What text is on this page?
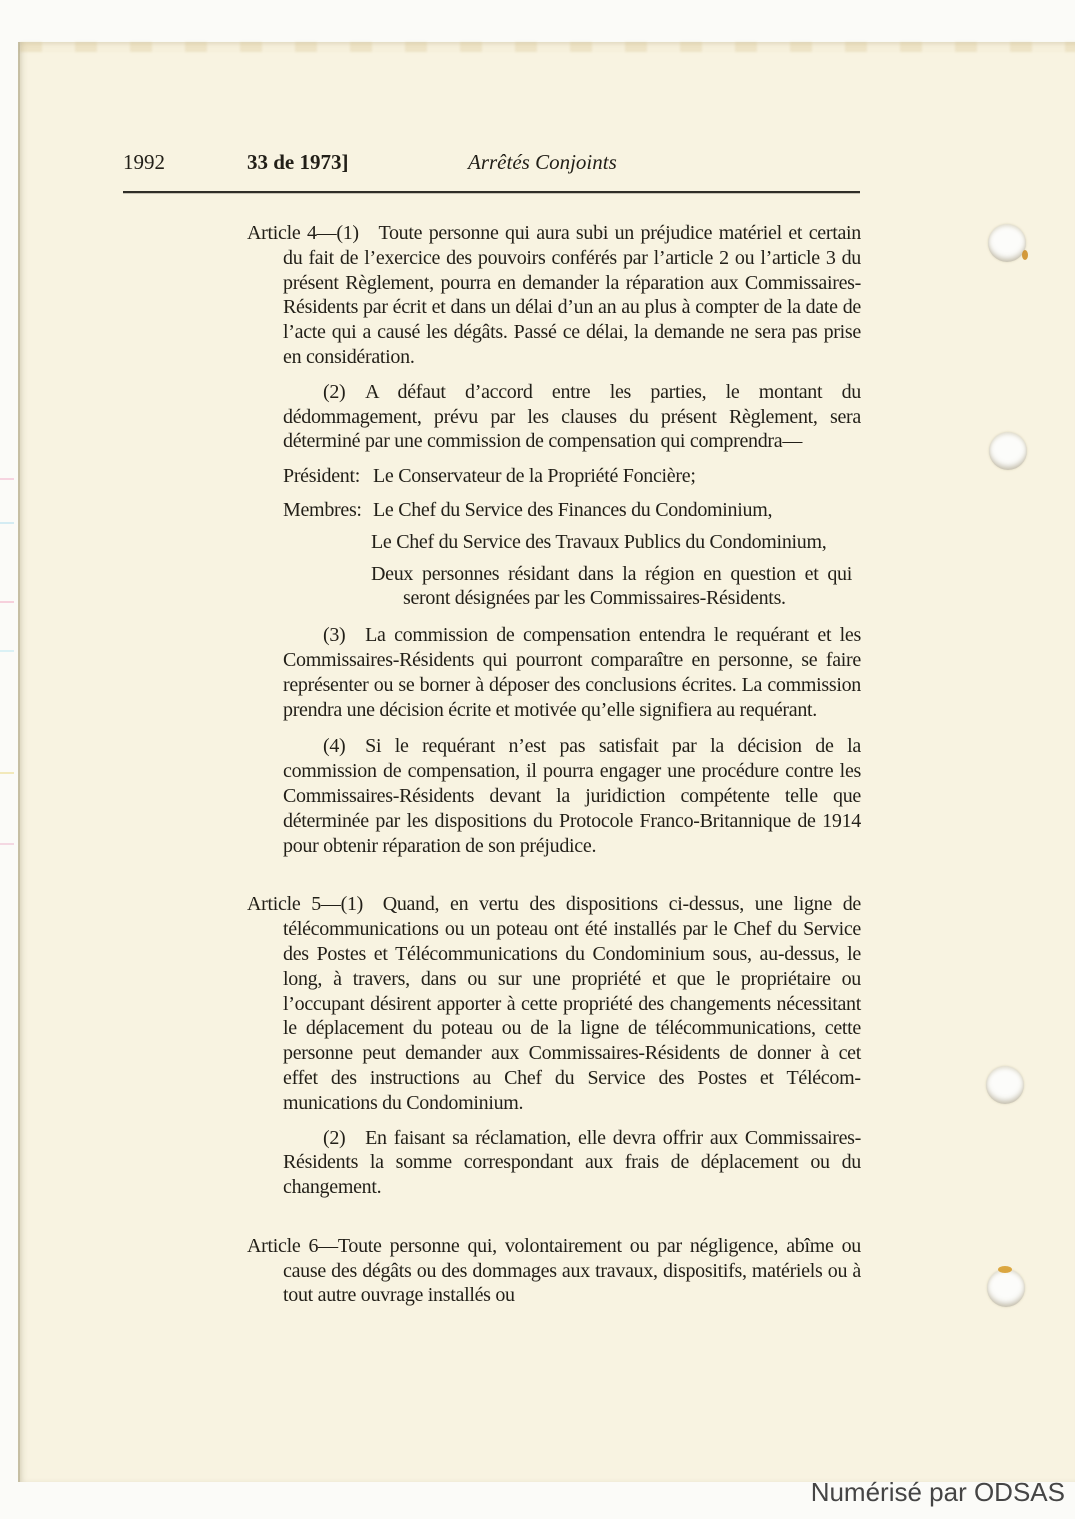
1992	33 de 1973]	Arrêtés Conjoints
Article 4—(1) Toute personne qui aura subi un préjudice matériel et certain du fait de l’exercice des pouvoirs conférés par l’article 2 ou l’article 3 du présent Règlement, pourra en demander la réparation aux Commissaires-Résidents par écrit et dans un délai d’un an au plus à compter de la date de l’acte qui a causé les dégâts. Passé ce délai, la demande ne sera pas prise en considération.
(2) A défaut d’accord entre les parties, le montant du dédommagement, prévu par les clauses du présent Règlement, sera déterminé par une commission de compensation qui comprendra—
Président: Le Conservateur de la Propriété Foncière;
Membres: Le Chef du Service des Finances du Condominium,
Le Chef du Service des Travaux Publics du Condominium,
Deux personnes résidant dans la région en question et qui seront désignées par les Commissaires-Résidents.
(3) La commission de compensation entendra le requérant et les Commissaires-Résidents qui pourront comparaître en personne, se faire représenter ou se borner à déposer des conclusions écrites. La commission prendra une décision écrite et motivée qu’elle signifiera au requérant.
(4) Si le requérant n’est pas satisfait par la décision de la commission de compensation, il pourra engager une procédure contre les Commissaires-Résidents devant la juridiction compétente telle que déterminée par les dispositions du Protocole Franco-Britannique de 1914 pour obtenir réparation de son préjudice.
Article 5—(1) Quand, en vertu des dispositions ci-dessus, une ligne de télécommunications ou un poteau ont été installés par le Chef du Service des Postes et Télécommunications du Condominium sous, au-dessus, le long, à travers, dans ou sur une propriété et que le propriétaire ou l’occupant désirent apporter à cette propriété des changements nécessitant le déplacement du poteau ou de la ligne de télécommunications, cette personne peut demander aux Commissaires-Résidents de donner à cet effet des instructions au Chef du Service des Postes et Télécommunications du Condominium.
(2) En faisant sa réclamation, elle devra offrir aux Commissaires-Résidents la somme correspondant aux frais de déplacement ou du changement.
Article 6—Toute personne qui, volontairement ou par négligence, abîme ou cause des dégâts ou des dommages aux travaux, dispositifs, matériels ou à tout autre ouvrage installés ou
Numérisé par ODSAS
